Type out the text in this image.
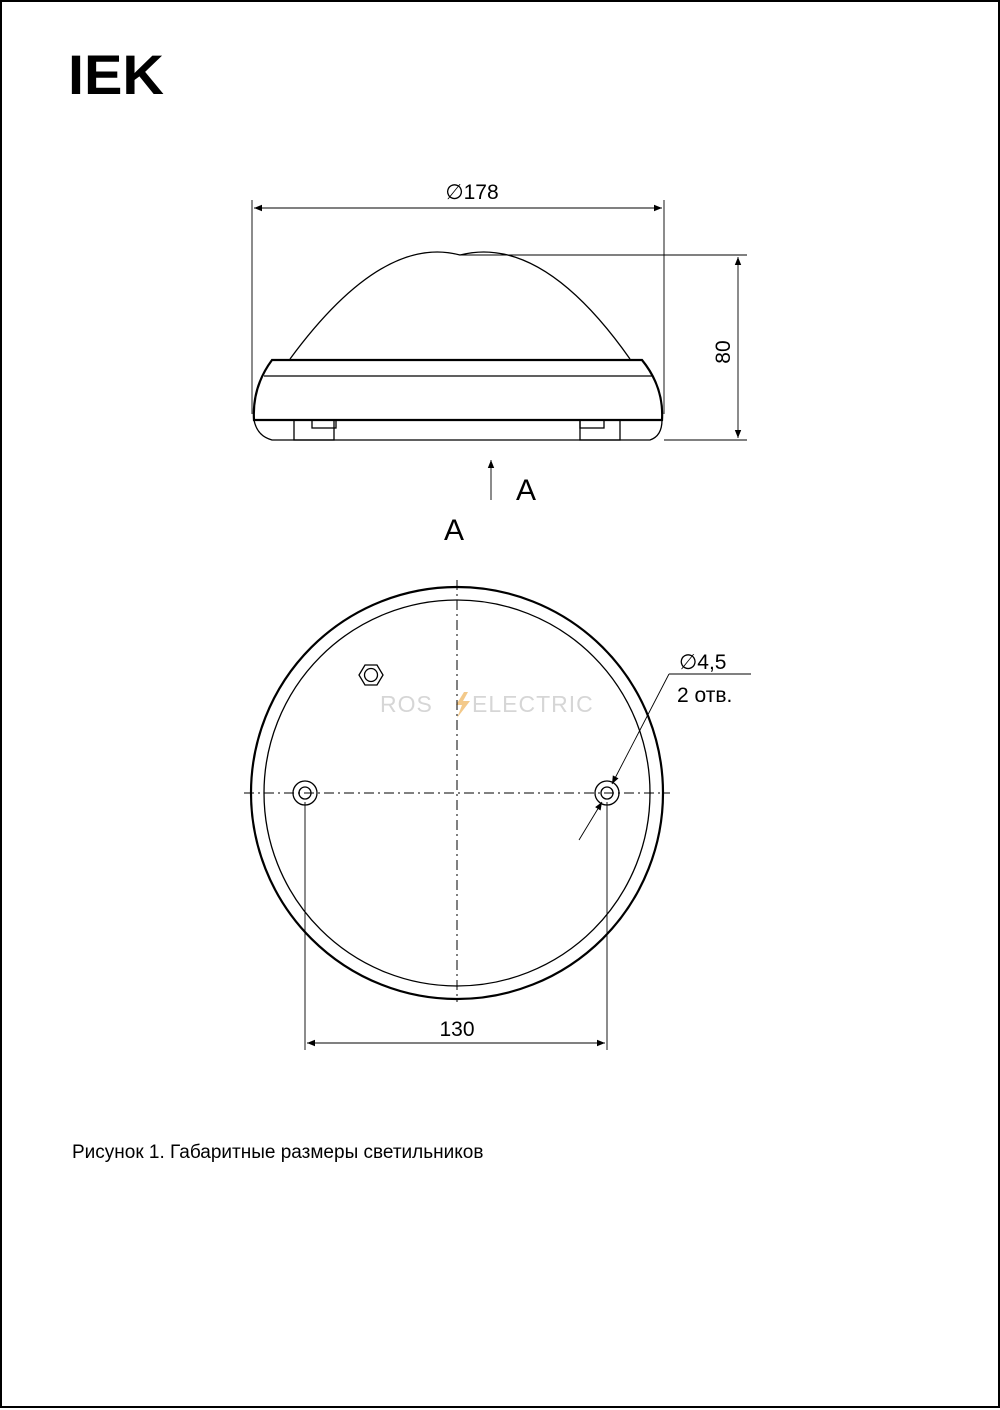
IEK
∅178
80
A
A
ROS ELECTRIC
130
∅4,5
2 отв.
Рисунок 1. Габаритные размеры светильников
